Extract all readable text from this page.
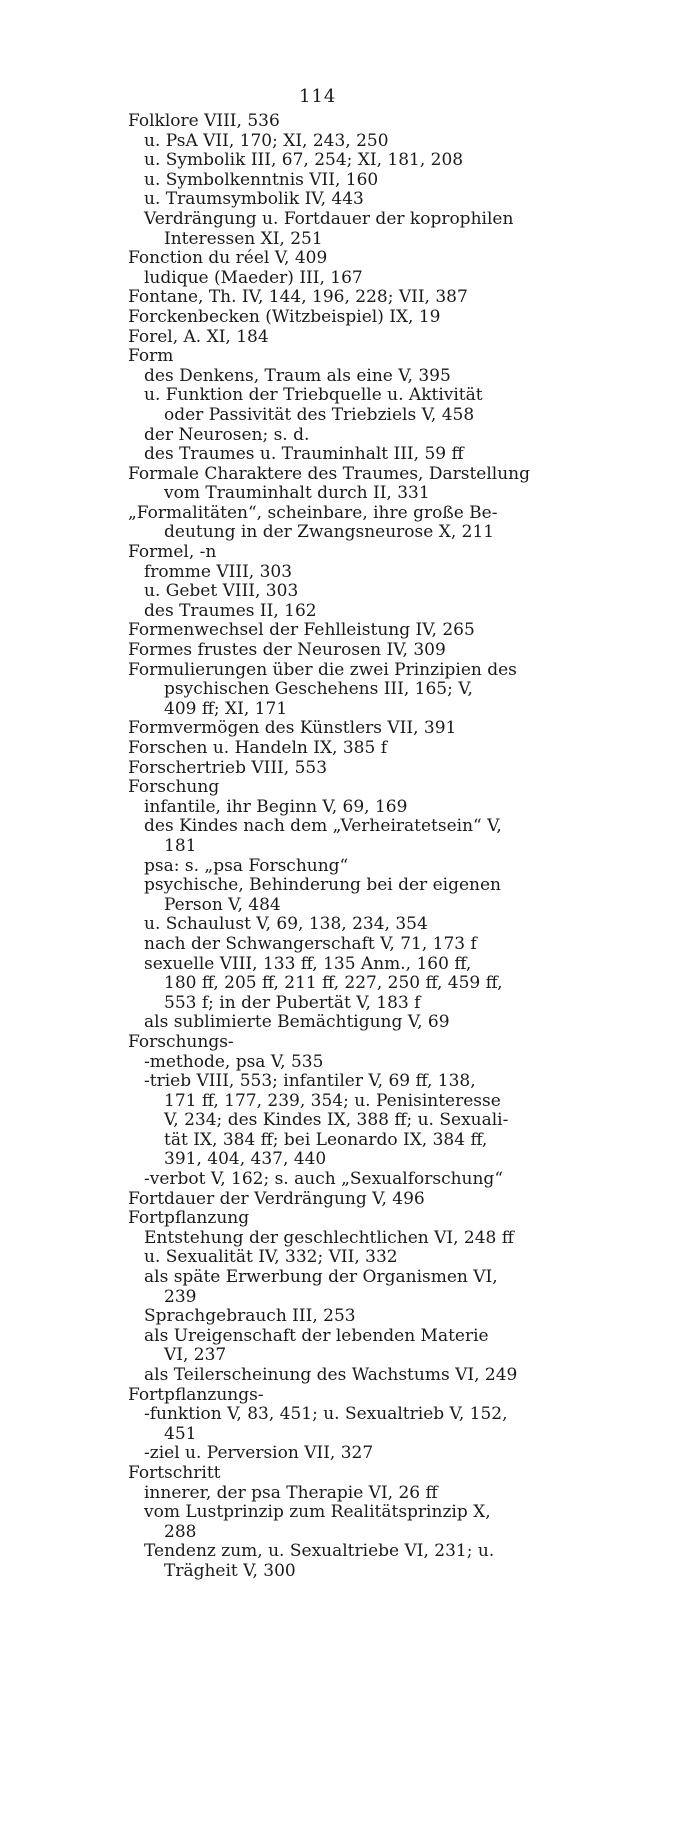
114
Folklore VIII, 536
u. PsA VII, 170; XI, 243, 250
u. Symbolik III, 67, 254; XI, 181, 208
u. Symbolkenntnis VII, 160
u. Traumsymbolik IV, 443
Verdrängung u. Fortdauer der koprophilen
Interessen XI, 251
Fonction du réel V, 409
ludique (Maeder) III, 167
Fontane, Th. IV, 144, 196, 228; VII, 387
Forckenbecken (Witzbeispiel) IX, 19
Forel, A. XI, 184
Form
des Denkens, Traum als eine V, 395
u. Funktion der Triebquelle u. Aktivität
oder Passivität des Triebziels V, 458
der Neurosen; s. d.
des Traumes u. Trauminhalt III, 59 ff
Formale Charaktere des Traumes, Darstellung
vom Trauminhalt durch II, 331
„Formalitäten“, scheinbare, ihre große Be-
deutung in der Zwangsneurose X, 211
Formel, -n
fromme VIII, 303
u. Gebet VIII, 303
des Traumes II, 162
Formenwechsel der Fehlleistung IV, 265
Formes frustes der Neurosen IV, 309
Formulierungen über die zwei Prinzipien des
psychischen Geschehens III, 165; V,
409 ff; XI, 171
Formvermögen des Künstlers VII, 391
Forschen u. Handeln IX, 385 f
Forschertrieb VIII, 553
Forschung
infantile, ihr Beginn V, 69, 169
des Kindes nach dem „Verheiratetsein“ V,
181
psa: s. „psa Forschung“
psychische, Behinderung bei der eigenen
Person V, 484
u. Schaulust V, 69, 138, 234, 354
nach der Schwangerschaft V, 71, 173 f
sexuelle VIII, 133 ff, 135 Anm., 160 ff,
180 ff, 205 ff, 211 ff, 227, 250 ff, 459 ff,
553 f; in der Pubertät V, 183 f
als sublimierte Bemächtigung V, 69
Forschungs-
-methode, psa V, 535
-trieb VIII, 553; infantiler V, 69 ff, 138,
171 ff, 177, 239, 354; u. Penisinteresse
V, 234; des Kindes IX, 388 ff; u. Sexuali-
tät IX, 384 ff; bei Leonardo IX, 384 ff,
391, 404, 437, 440
-verbot V, 162; s. auch „Sexualforschung“
Fortdauer der Verdrängung V, 496
Fortpflanzung
Entstehung der geschlechtlichen VI, 248 ff
u. Sexualität IV, 332; VII, 332
als späte Erwerbung der Organismen VI,
239
Sprachgebrauch III, 253
als Ureigenschaft der lebenden Materie
VI, 237
als Teilerscheinung des Wachstums VI, 249
Fortpflanzungs-
-funktion V, 83, 451; u. Sexualtrieb V, 152,
451
-ziel u. Perversion VII, 327
Fortschritt
innerer, der psa Therapie VI, 26 ff
vom Lustprinzip zum Realitätsprinzip X,
288
Tendenz zum, u. Sexualtriebe VI, 231; u.
Trägheit V, 300
